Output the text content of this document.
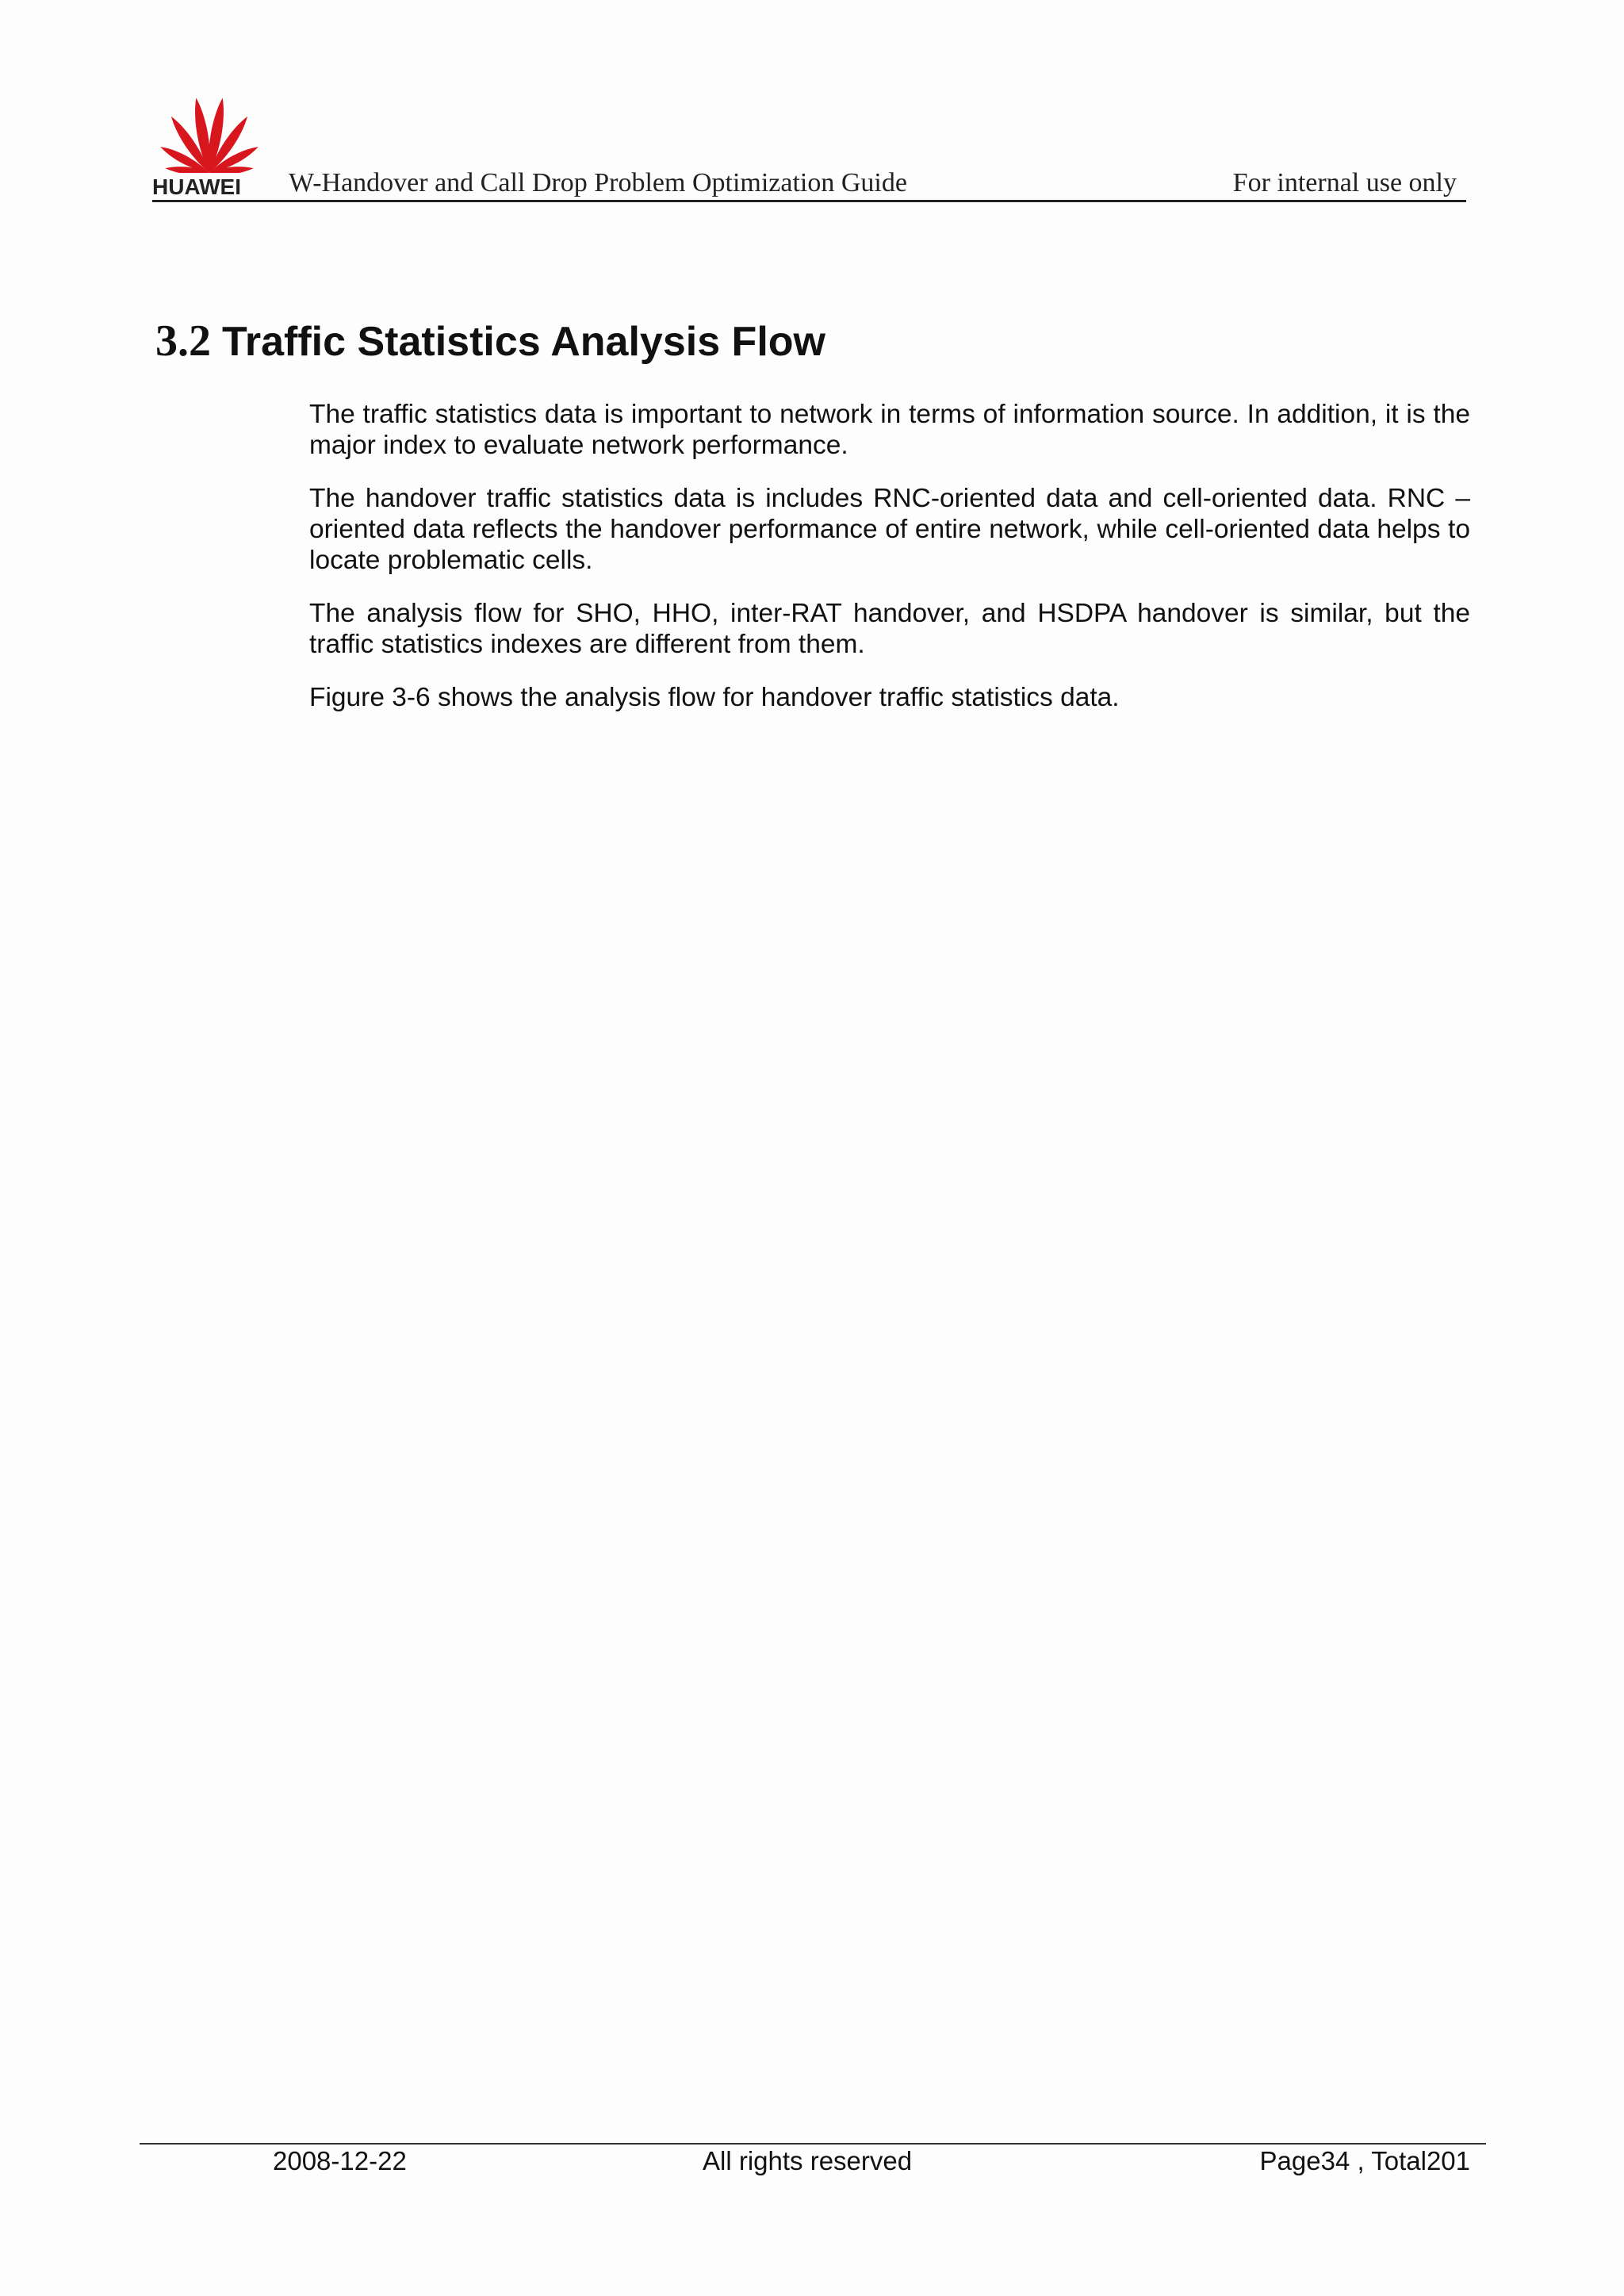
HUAWEI	W-Handover and Call Drop Problem Optimization Guide	For internal use only
3.2 Traffic Statistics Analysis Flow

The traffic statistics data is important to network in terms of information source. In addition, it is the major index to evaluate network performance.

The handover traffic statistics data is includes RNC-oriented data and cell-oriented data. RNC –oriented data reflects the handover performance of entire network, while cell-oriented data helps to locate problematic cells.

The analysis flow for SHO, HHO, inter-RAT handover, and HSDPA handover is similar, but the traffic statistics indexes are different from them.

Figure 3-6 shows the analysis flow for handover traffic statistics data.

2008-12-22	All rights reserved	Page34 , Total201
